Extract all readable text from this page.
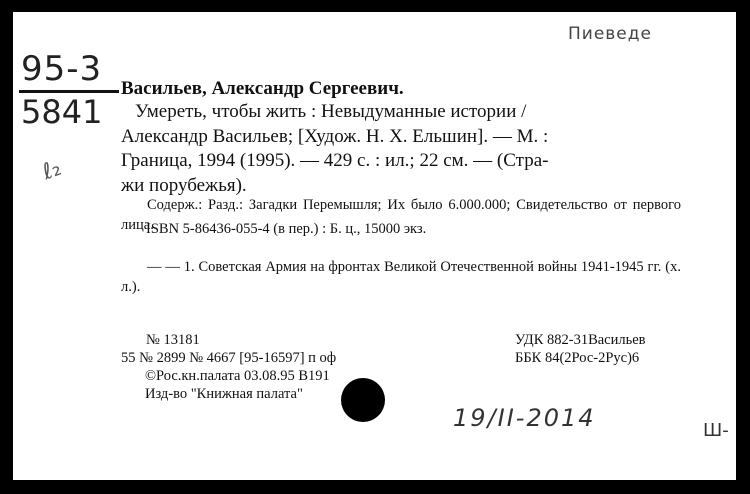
95-3
5841
Пиеведе
ℓ₂
Васильев, Александр Сергеевич.
Умереть, чтобы жить : Невыдуманные истории /
Александр Васильев; [Худож. Н. Х. Ельшин]. — М. :
Граница, 1994 (1995). — 429 с. : ил.; 22 см. — (Стра-
жи порубежья).
Содерж.: Разд.: Загадки Перемышля; Их было 6.000.000; Свидетельство от первого лица.
ISBN 5-86436-055-4 (в пер.) : Б. ц., 15000 экз.
— — 1. Советская Армия на фронтах Великой Отечественной войны 1941-1945 гг. (х. л.).
№ 13181
55 № 2899 № 4667 [95-16597] п оф
©Рос.кн.палата 03.08.95 В191
Изд-во "Книжная палата"
УДК 882-31Васильев
ББК 84(2Рос-2Рус)6
19/II-2014	Ш-
